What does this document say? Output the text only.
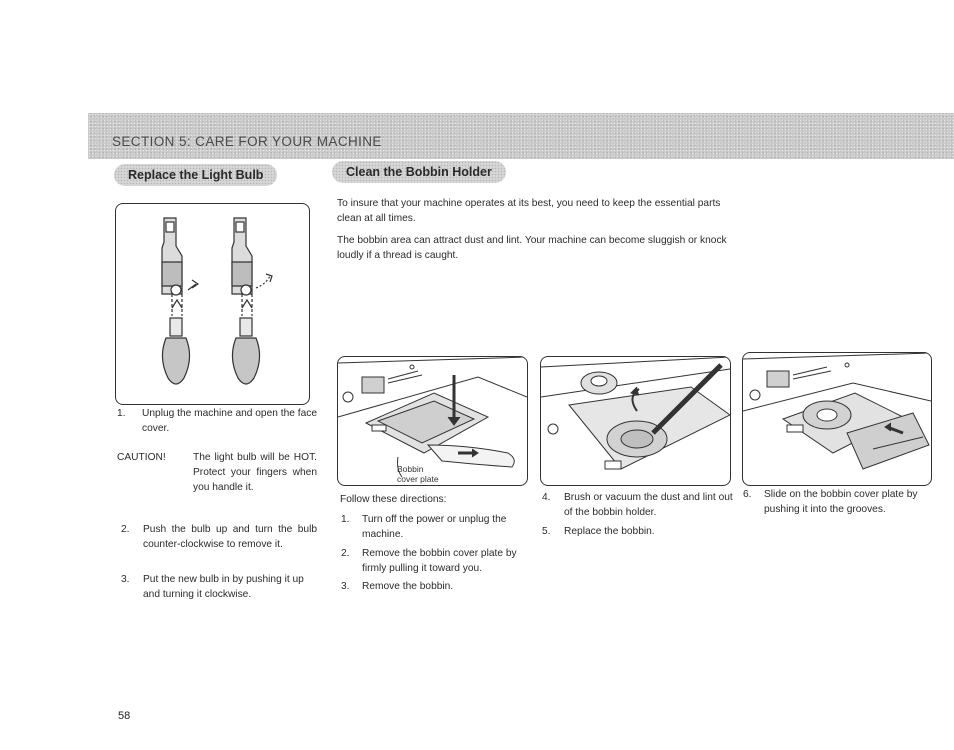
SECTION 5: CARE FOR YOUR MACHINE
Replace the Light Bulb	Clean the Bobbin Holder
1.	Unplug the machine and open the face cover.
CAUTION!	The light bulb will be HOT. Protect your fingers when you handle it.
2.	Push the bulb up and turn the bulb counter-clockwise to remove it.
3.	Put the new bulb in by pushing it up and turning it clockwise.
To insure that your machine operates at its best, you need to keep the essential parts clean at all times.
The bobbin area can attract dust and lint. Your machine can become sluggish or knock loudly if a thread is caught.
Bobbin
cover plate
Follow these directions:
1.	Turn off the power or unplug the machine.
2.	Remove the bobbin cover plate by firmly pulling it toward you.
3.	Remove the bobbin.
4.	Brush or vacuum the dust and lint out of the bobbin holder.
5.	Replace the bobbin.
6.	Slide on the bobbin cover plate by pushing it into the grooves.
58
